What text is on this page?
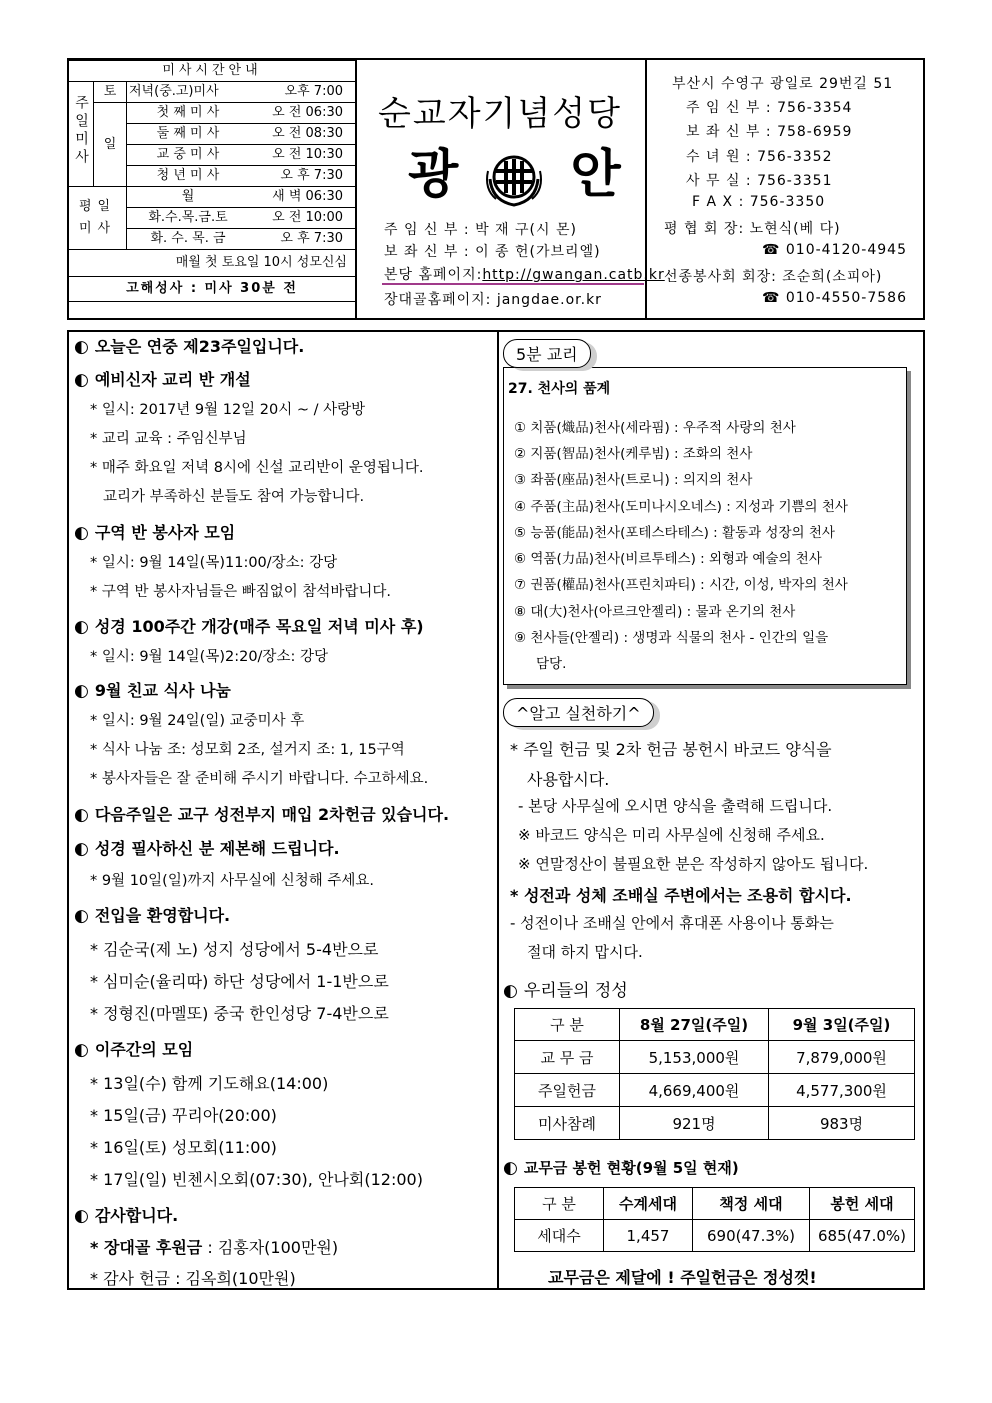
미사시간안내		
주일미사	토	저녁(중.고)미사 오후 7:00
	일	첫 째 미 사 오 전 06:30
		둘 째 미 사 오 전 08:30
		교 중 미 사 오 전 10:30
		청 년 미 사 오 후 7:30
평일미사		월 새 벽 06:30
		화.수.목.금.토 오 전 10:00
		화. 수. 목. 금 오 후 7:30
매월 첫 토요일 10시 성모신심		
고해성사 : 미사 30분 전		
순교자기념성당
광 안
주 임 신 부 : 박 재 구(시 몬)
보 좌 신 부 : 이 종 헌(가브리엘)
본당 홈페이지:http://gwangan.catb.kr
장대골홈페이지: jangdae.or.kr
부산시 수영구 광일로 29번길 51
주 임 신 부 : 756-3354
보 좌 신 부 : 758-6959
수 녀 원 : 756-3352
사 무 실 : 756-3351
F A X : 756-3350
평 협 회 장: 노현식(베 다)
☎ 010-4120-4945
선종봉사회 회장: 조순희(소피아)
☎ 010-4550-7586
◐ 오늘은 연중 제23주일입니다.
◐ 예비신자 교리 반 개설
* 일시: 2017년 9월 12일 20시 ~ / 사랑방
* 교리 교육 : 주임신부님
* 매주 화요일 저녁 8시에 신설 교리반이 운영됩니다.
교리가 부족하신 분들도 참여 가능합니다.
◐ 구역 반 봉사자 모임
* 일시: 9월 14일(목)11:00/장소: 강당
* 구역 반 봉사자님들은 빠짐없이 참석바랍니다.
◐ 성경 100주간 개강(매주 목요일 저녁 미사 후)
* 일시: 9월 14일(목)2:20/장소: 강당
◐ 9월 친교 식사 나눔
* 일시: 9월 24일(일) 교중미사 후
* 식사 나눔 조: 성모회 2조, 설거지 조: 1, 15구역
* 봉사자들은 잘 준비해 주시기 바랍니다. 수고하세요.
◐ 다음주일은 교구 성전부지 매입 2차헌금 있습니다.
◐ 성경 필사하신 분 제본해 드립니다.
* 9월 10일(일)까지 사무실에 신청해 주세요.
◐ 전입을 환영합니다.
* 김순국(제 노) 성지 성당에서 5-4반으로
* 심미순(율리따) 하단 성당에서 1-1반으로
* 정형진(마멜또) 중국 한인성당 7-4반으로
◐ 이주간의 모임
* 13일(수) 함께 기도해요(14:00)
* 15일(금) 꾸리아(20:00)
* 16일(토) 성모회(11:00)
* 17일(일) 빈첸시오회(07:30), 안나회(12:00)
◐ 감사합니다.
* 장대골 후원금 : 김홍자(100만원)
* 감사 헌금 : 김옥희(10만원)
5분 교리
27. 천사의 품계
① 치품(熾品)천사(세라핌) : 우주적 사랑의 천사
② 지품(智品)천사(케루빔) : 조화의 천사
③ 좌품(座品)천사(트로니) : 의지의 천사
④ 주품(主品)천사(도미나시오네스) : 지성과 기쁨의 천사
⑤ 능품(能品)천사(포테스타테스) : 활동과 성장의 천사
⑥ 역품(力品)천사(비르투테스) : 외형과 예술의 천사
⑦ 권품(權品)천사(프린치파티) : 시간, 이성, 박자의 천사
⑧ 대(大)천사(아르크안젤리) : 물과 온기의 천사
⑨ 천사들(안젤리) : 생명과 식물의 천사 - 인간의 일을
담당.
^알고 실천하기^
* 주일 헌금 및 2차 헌금 봉헌시 바코드 양식을
사용합시다.
- 본당 사무실에 오시면 양식을 출력해 드립니다.
※ 바코드 양식은 미리 사무실에 신청해 주세요.
※ 연말정산이 불필요한 분은 작성하지 않아도 됩니다.
* 성전과 성체 조배실 주변에서는 조용히 합시다.
- 성전이나 조배실 안에서 휴대폰 사용이나 통화는
절대 하지 맙시다.
◐ 우리들의 정성
구 분	8월 27일(주일)	9월 3일(주일)
교 무 금	5,153,000원	7,879,000원
주일헌금	4,669,400원	4,577,300원
미사참례	921명	983명
◐ 교무금 봉헌 현황(9월 5일 현재)
구 분	수계세대	책정 세대	봉헌 세대
세대수	1,457	690(47.3%)	685(47.0%)
교무금은 제달에 ! 주일헌금은 정성껏!
